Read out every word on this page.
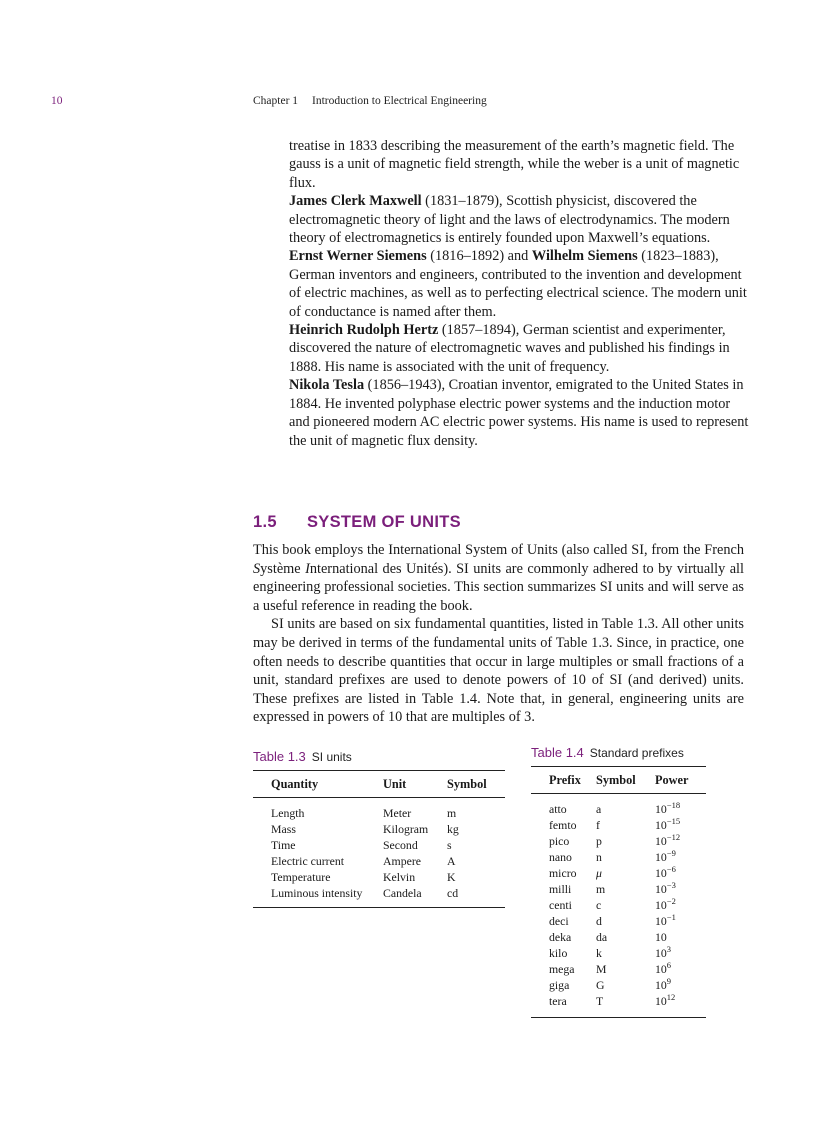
10	Chapter 1 Introduction to Electrical Engineering

treatise in 1833 describing the measurement of the earth’s magnetic field. The gauss is a unit of magnetic field strength, while the weber is a unit of magnetic flux.

James Clerk Maxwell (1831–1879), Scottish physicist, discovered the electromagnetic theory of light and the laws of electrodynamics. The modern theory of electromagnetics is entirely founded upon Maxwell’s equations.

Ernst Werner Siemens (1816–1892) and Wilhelm Siemens (1823–1883), German inventors and engineers, contributed to the invention and development of electric machines, as well as to perfecting electrical science. The modern unit of conductance is named after them.

Heinrich Rudolph Hertz (1857–1894), German scientist and experimenter, discovered the nature of electromagnetic waves and published his findings in 1888. His name is associated with the unit of frequency.

Nikola Tesla (1856–1943), Croatian inventor, emigrated to the United States in 1884. He invented polyphase electric power systems and the induction motor and pioneered modern AC electric power systems. His name is used to represent the unit of magnetic flux density.

1.5 SYSTEM OF UNITS

This book employs the International System of Units (also called SI, from the French Système International des Unités). SI units are commonly adhered to by virtually all engineering professional societies. This section summarizes SI units and will serve as a useful reference in reading the book.

SI units are based on six fundamental quantities, listed in Table 1.3. All other units may be derived in terms of the fundamental units of Table 1.3. Since, in practice, one often needs to describe quantities that occur in large multiples or small fractions of a unit, standard prefixes are used to denote powers of 10 of SI (and derived) units. These prefixes are listed in Table 1.4. Note that, in general, engineering units are expressed in powers of 10 that are multiples of 3.

Table 1.3 SI units
Quantity	Unit	Symbol
Length	Meter	m
Mass	Kilogram kg
Time	Second s
Electric current	Ampere A
Temperature	Kelvin	K
Luminous intensity Candela cd
Table 1.4 Standard prefixes
Prefix Symbol Power
atto a	$10^{-18}$
femto f	$10^{-15}$
pico p	$10^{-12}$
nano n	$10^{-9}$
micro μ	$10^{-6}$
milli m	$10^{-3}$
centi c	$10^{-2}$
deci d	$10^{-1}$
deka da	10
kilo k	$10^3$
mega M	$10^6$
giga G	$10^9$
tera T	$10^{12}$
